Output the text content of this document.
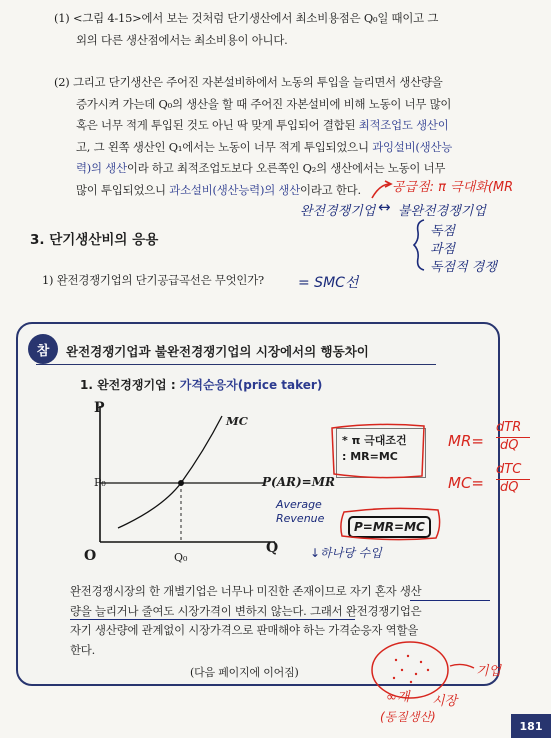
(1) <그림 4-15>에서 보는 것처럼 단기생산에서 최소비용점은 Q₀일 때이고 그
외의 다른 생산점에서는 최소비용이 아니다.
(2) 그리고 단기생산은 주어진 자본설비하에서 노동의 투입을 늘리면서 생산량을
증가시켜 가는데 Q₀의 생산을 할 때 주어진 자본설비에 비해 노동이 너무 많이
혹은 너무 적게 투입된 것도 아닌 딱 맞게 투입되어 결합된 최적조업도 생산이
고, 그 왼쪽 생산인 Q₁에서는 노동이 너무 적게 투입되었으니 과잉설비(생산능
력)의 생산이라 하고 최적조업도보다 오른쪽인 Q₂의 생산에서는 노동이 너무
많이 투입되었으니 과소설비(생산능력)의 생산이라고 한다.	공급점: π 극대화(MR
완전경쟁기업 ↔ 불완전경쟁기업
독점
과점
독점적 경쟁
3. 단기생산비의 응용
1) 완전경쟁기업의 단기공급곡선은 무엇인가? = SMC선
참 완전경쟁기업과 불완전경쟁기업의 시장에서의 행동차이
1. 완전경쟁기업 : 가격순응자(price taker)
완전경쟁시장의 한 개별기업은 너무나 미진한 존재이므로 자기 혼자 생산
량을 늘리거나 줄여도 시장가격이 변하지 않는다. 그래서 완전경쟁기업은
자기 생산량에 관계없이 시장가격으로 판매해야 하는 가격순응자 역할을
한다.
(다음 페이지에 이어짐)
P
Q
O
P₀
Q₀
MC
P(AR)=MR
* π 극대조건
: MR=MC
Average
Revenue
P=MR=MC
↓하나당 수입
MR=
dTR
dQ
MC=
dTC
dQ
기업
∞개 시장
(동질생산)
181
